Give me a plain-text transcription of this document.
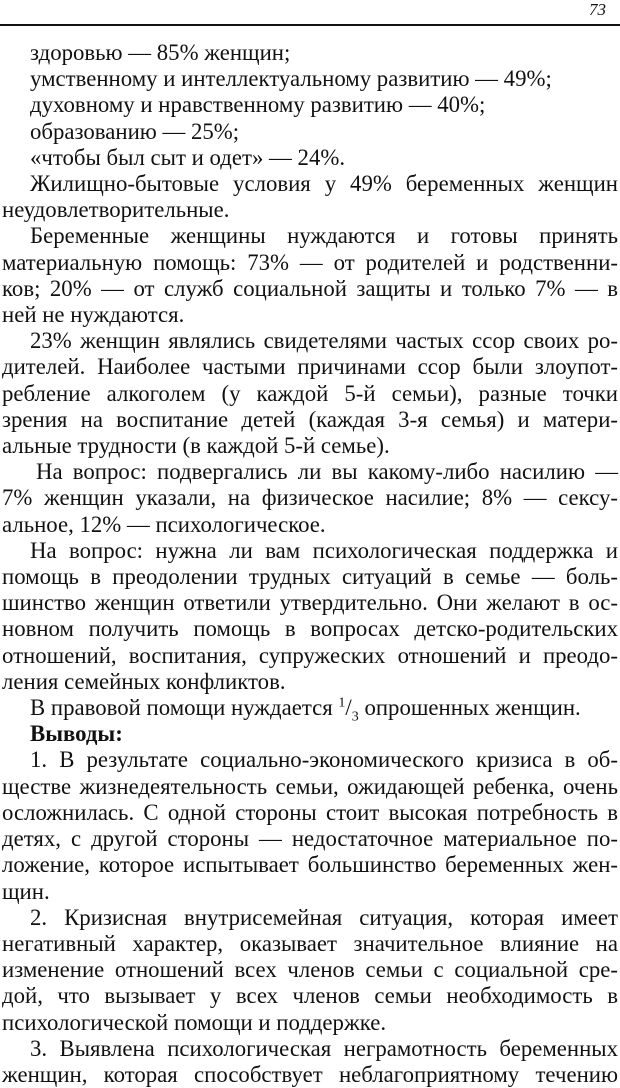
73
здоровью — 85% женщин;
умственному и интеллектуальному развитию — 49%;
духовному и нравственному развитию — 40%;
образованию — 25%;
«чтобы был сыт и одет» — 24%.
Жилищно-бытовые условия у 49% беременных женщин
неудовлетворительные.
Беременные женщины нуждаются и готовы принять
материальную помощь: 73% — от родителей и родственни-
ков; 20% — от служб социальной защиты и только 7% — в
ней не нуждаются.
23% женщин являлись свидетелями частых ссор своих ро-
дителей. Наиболее частыми причинами ссор были злоупот-
ребление алкоголем (у каждой 5-й семьи), разные точки
зрения на воспитание детей (каждая 3-я семья) и матери-
альные трудности (в каждой 5-й семье).
На вопрос: подвергались ли вы какому-либо насилию —
7% женщин указали, на физическое насилие; 8% — сексу-
альное, 12% — психологическое.
На вопрос: нужна ли вам психологическая поддержка и
помощь в преодолении трудных ситуаций в семье — боль-
шинство женщин ответили утвердительно. Они желают в ос-
новном получить помощь в вопросах детско-родительских
отношений, воспитания, супружеских отношений и преодо-
ления семейных конфликтов.
В правовой помощи нуждается $^1/_3$ опрошенных женщин.
Выводы:
1. В результате социально-экономического кризиса в об-
ществе жизнедеятельность семьи, ожидающей ребенка, очень
осложнилась. С одной стороны стоит высокая потребность в
детях, с другой стороны — недостаточное материальное по-
ложение, которое испытывает большинство беременных жен-
щин.
2. Кризисная внутрисемейная ситуация, которая имеет
негативный характер, оказывает значительное влияние на
изменение отношений всех членов семьи с социальной сре-
дой, что вызывает у всех членов семьи необходимость в
психологической помощи и поддержке.
3. Выявлена психологическая неграмотность беременных
женщин, которая способствует неблагоприятному течению
